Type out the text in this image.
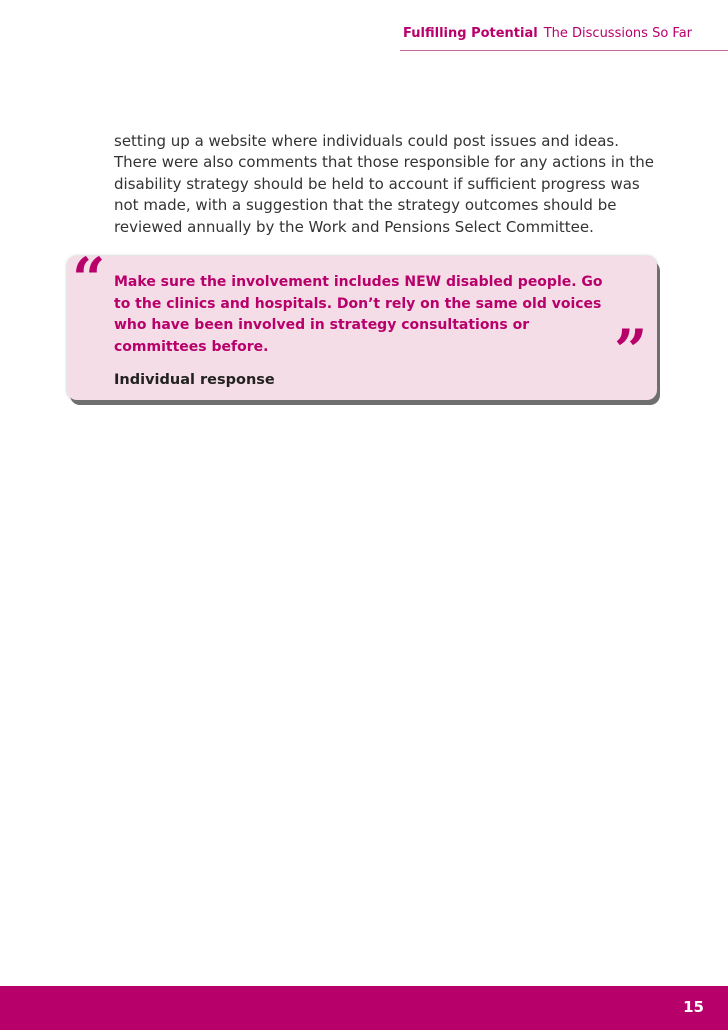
Fulfilling Potential The Discussions So Far

setting up a website where individuals could post issues and ideas. There were also comments that those responsible for any actions in the disability strategy should be held to account if sufficient progress was not made, with a suggestion that the strategy outcomes should be reviewed annually by the Work and Pensions Select Committee.

“ Make sure the involvement includes NEW disabled people. Go to the clinics and hospitals. Don’t rely on the same old voices who have been involved in strategy consultations or committees before.	”

Individual response

15
